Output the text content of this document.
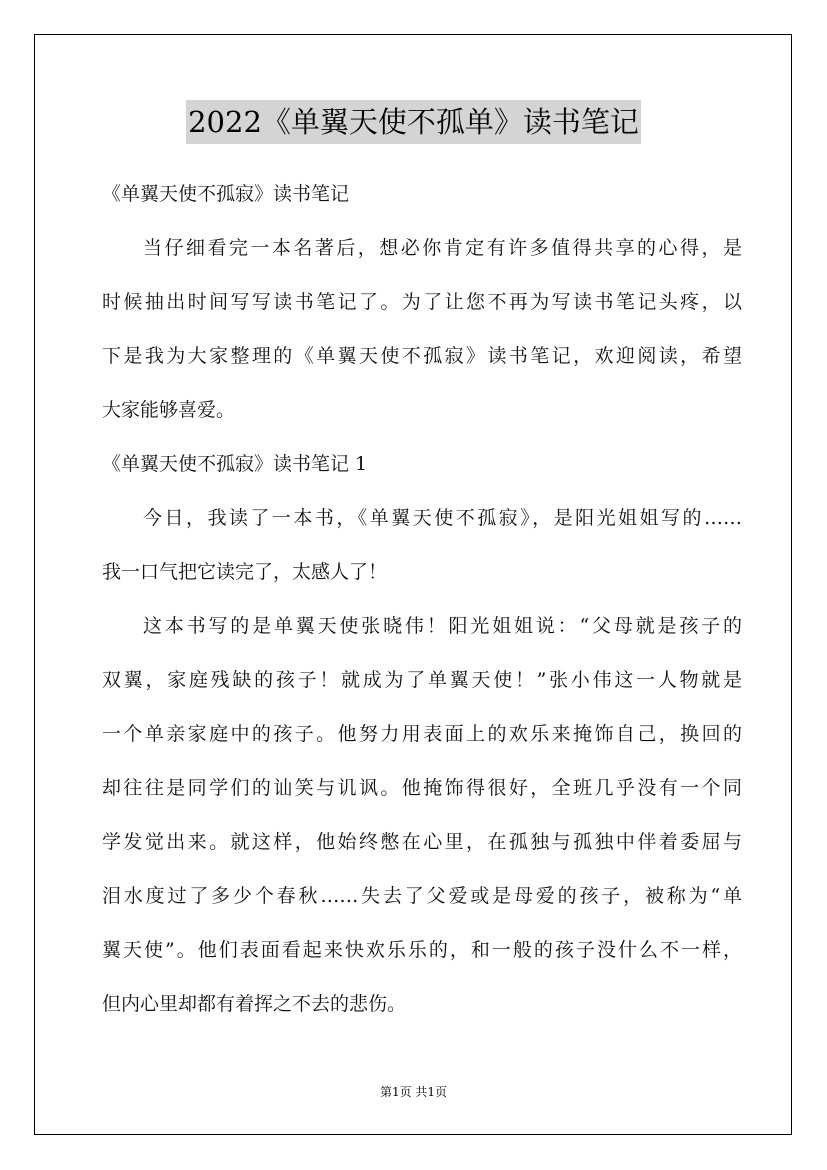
2022《单翼天使不孤单》读书笔记
《单翼天使不孤寂》读书笔记
当仔细看完一本名著后，想必你肯定有许多值得共享的心得，是
时候抽出时间写写读书笔记了。为了让您不再为写读书笔记头疼，以
下是我为大家整理的《单翼天使不孤寂》读书笔记，欢迎阅读，希望
大家能够喜爱。
《单翼天使不孤寂》读书笔记 1
今日，我读了一本书，《单翼天使不孤寂》，是阳光姐姐写的……
我一口气把它读完了，太感人了！
这本书写的是单翼天使张晓伟！阳光姐姐说：“父母就是孩子的
双翼，家庭残缺的孩子！就成为了单翼天使！”张小伟这一人物就是
一个单亲家庭中的孩子。他努力用表面上的欢乐来掩饰自己，换回的
却往往是同学们的讪笑与讥讽。他掩饰得很好，全班几乎没有一个同
学发觉出来。就这样，他始终憋在心里，在孤独与孤独中伴着委屈与
泪水度过了多少个春秋……失去了父爱或是母爱的孩子，被称为“单
翼天使”。他们表面看起来快欢乐乐的，和一般的孩子没什么不一样，
但内心里却都有着挥之不去的悲伤。
第1页 共1页
